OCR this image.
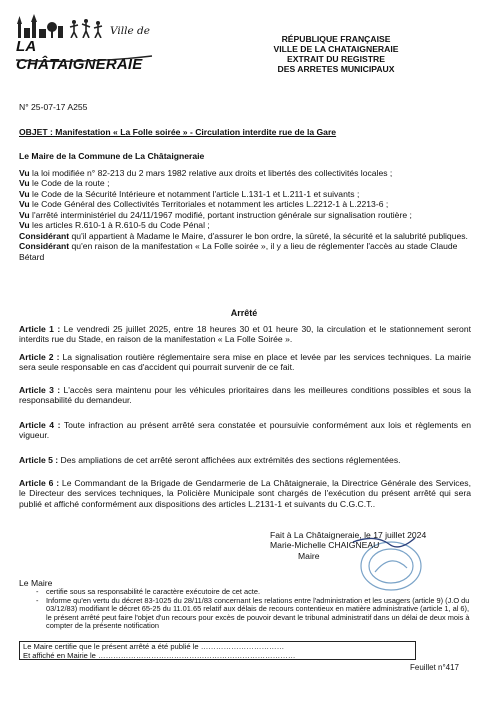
Ville de
LA CHÂTAIGNERAIE
RÉPUBLIQUE FRANÇAISE
VILLE DE LA CHATAIGNERAIE
EXTRAIT DU REGISTRE
DES ARRETES MUNICIPAUX
N° 25-07-17 A255
OBJET : Manifestation « La Folle soirée » - Circulation interdite rue de la Gare
Le Maire de la Commune de La Châtaigneraie

Vu la loi modifiée n° 82-213 du 2 mars 1982 relative aux droits et libertés des collectivités locales ;

Vu le Code de la route ;

Vu le Code de la Sécurité Intérieure et notamment l'article L.131-1 et L.211-1 et suivants ;

Vu le Code Général des Collectivités Territoriales et notamment les articles L.2212-1 à L.2213-6 ;

Vu l'arrêté interministériel du 24/11/1967 modifié, portant instruction générale sur signalisation routière ;

Vu les articles R.610-1 à R.610-5 du Code Pénal ;

Considérant qu'il appartient à Madame le Maire, d'assurer le bon ordre, la sûreté, la sécurité et la salubrité publiques.

Considérant qu'en raison de la manifestation « La Folle soirée », il y a lieu de réglementer l'accès au stade Claude Bétard

Arrêté

Article 1 : Le vendredi 25 juillet 2025, entre 18 heures 30 et 01 heure 30, la circulation et le stationnement seront interdits rue du Stade, en raison de la manifestation « La Folle Soirée ».

Article 2 : La signalisation routière réglementaire sera mise en place et levée par les services techniques. La mairie sera seule responsable en cas d'accident qui pourrait survenir de ce fait.

Article 3 : L'accès sera maintenu pour les véhicules prioritaires dans les meilleures conditions possibles et sous la responsabilité du demandeur.

Article 4 : Toute infraction au présent arrêté sera constatée et poursuivie conformément aux lois et règlements en vigueur.

Article 5 : Des ampliations de cet arrêté seront affichées aux extrémités des sections réglementées.

Article 6 : Le Commandant de la Brigade de Gendarmerie de La Châtaigneraie, la Directrice Générale des Services, le Directeur des services techniques, la Policière Municipale sont chargés de l'exécution du présent arrêté qui sera publié et affiché conformément aux dispositions des articles L.2131-1 et suivants du C.G.C.T..

Fait à La Châtaigneraie, le 17 juillet 2024

Marie-Michelle CHAIGNEAU

Maire

Le Maire
- certifie sous sa responsabilité le caractère exécutoire de cet acte.
- Informe qu'en vertu du décret 83-1025 du 28/11/83 concernant les relations entre l'administration et les usagers (article 9) (J.O du 03/12/83) modifiant le décret 65-25 du 11.01.65 relatif aux délais de recours contentieux en matière administrative (article 1, al 6), le présent arrêté peut faire l'objet d'un recours pour excès de pouvoir devant le tribunal administratif dans un délai de deux mois à compter de la présente notification
Le Maire certifie que le présent arrêté a été publié le ……………………………
Et affiché en Mairie le ……………………………………………………………………
Feuillet n°417
